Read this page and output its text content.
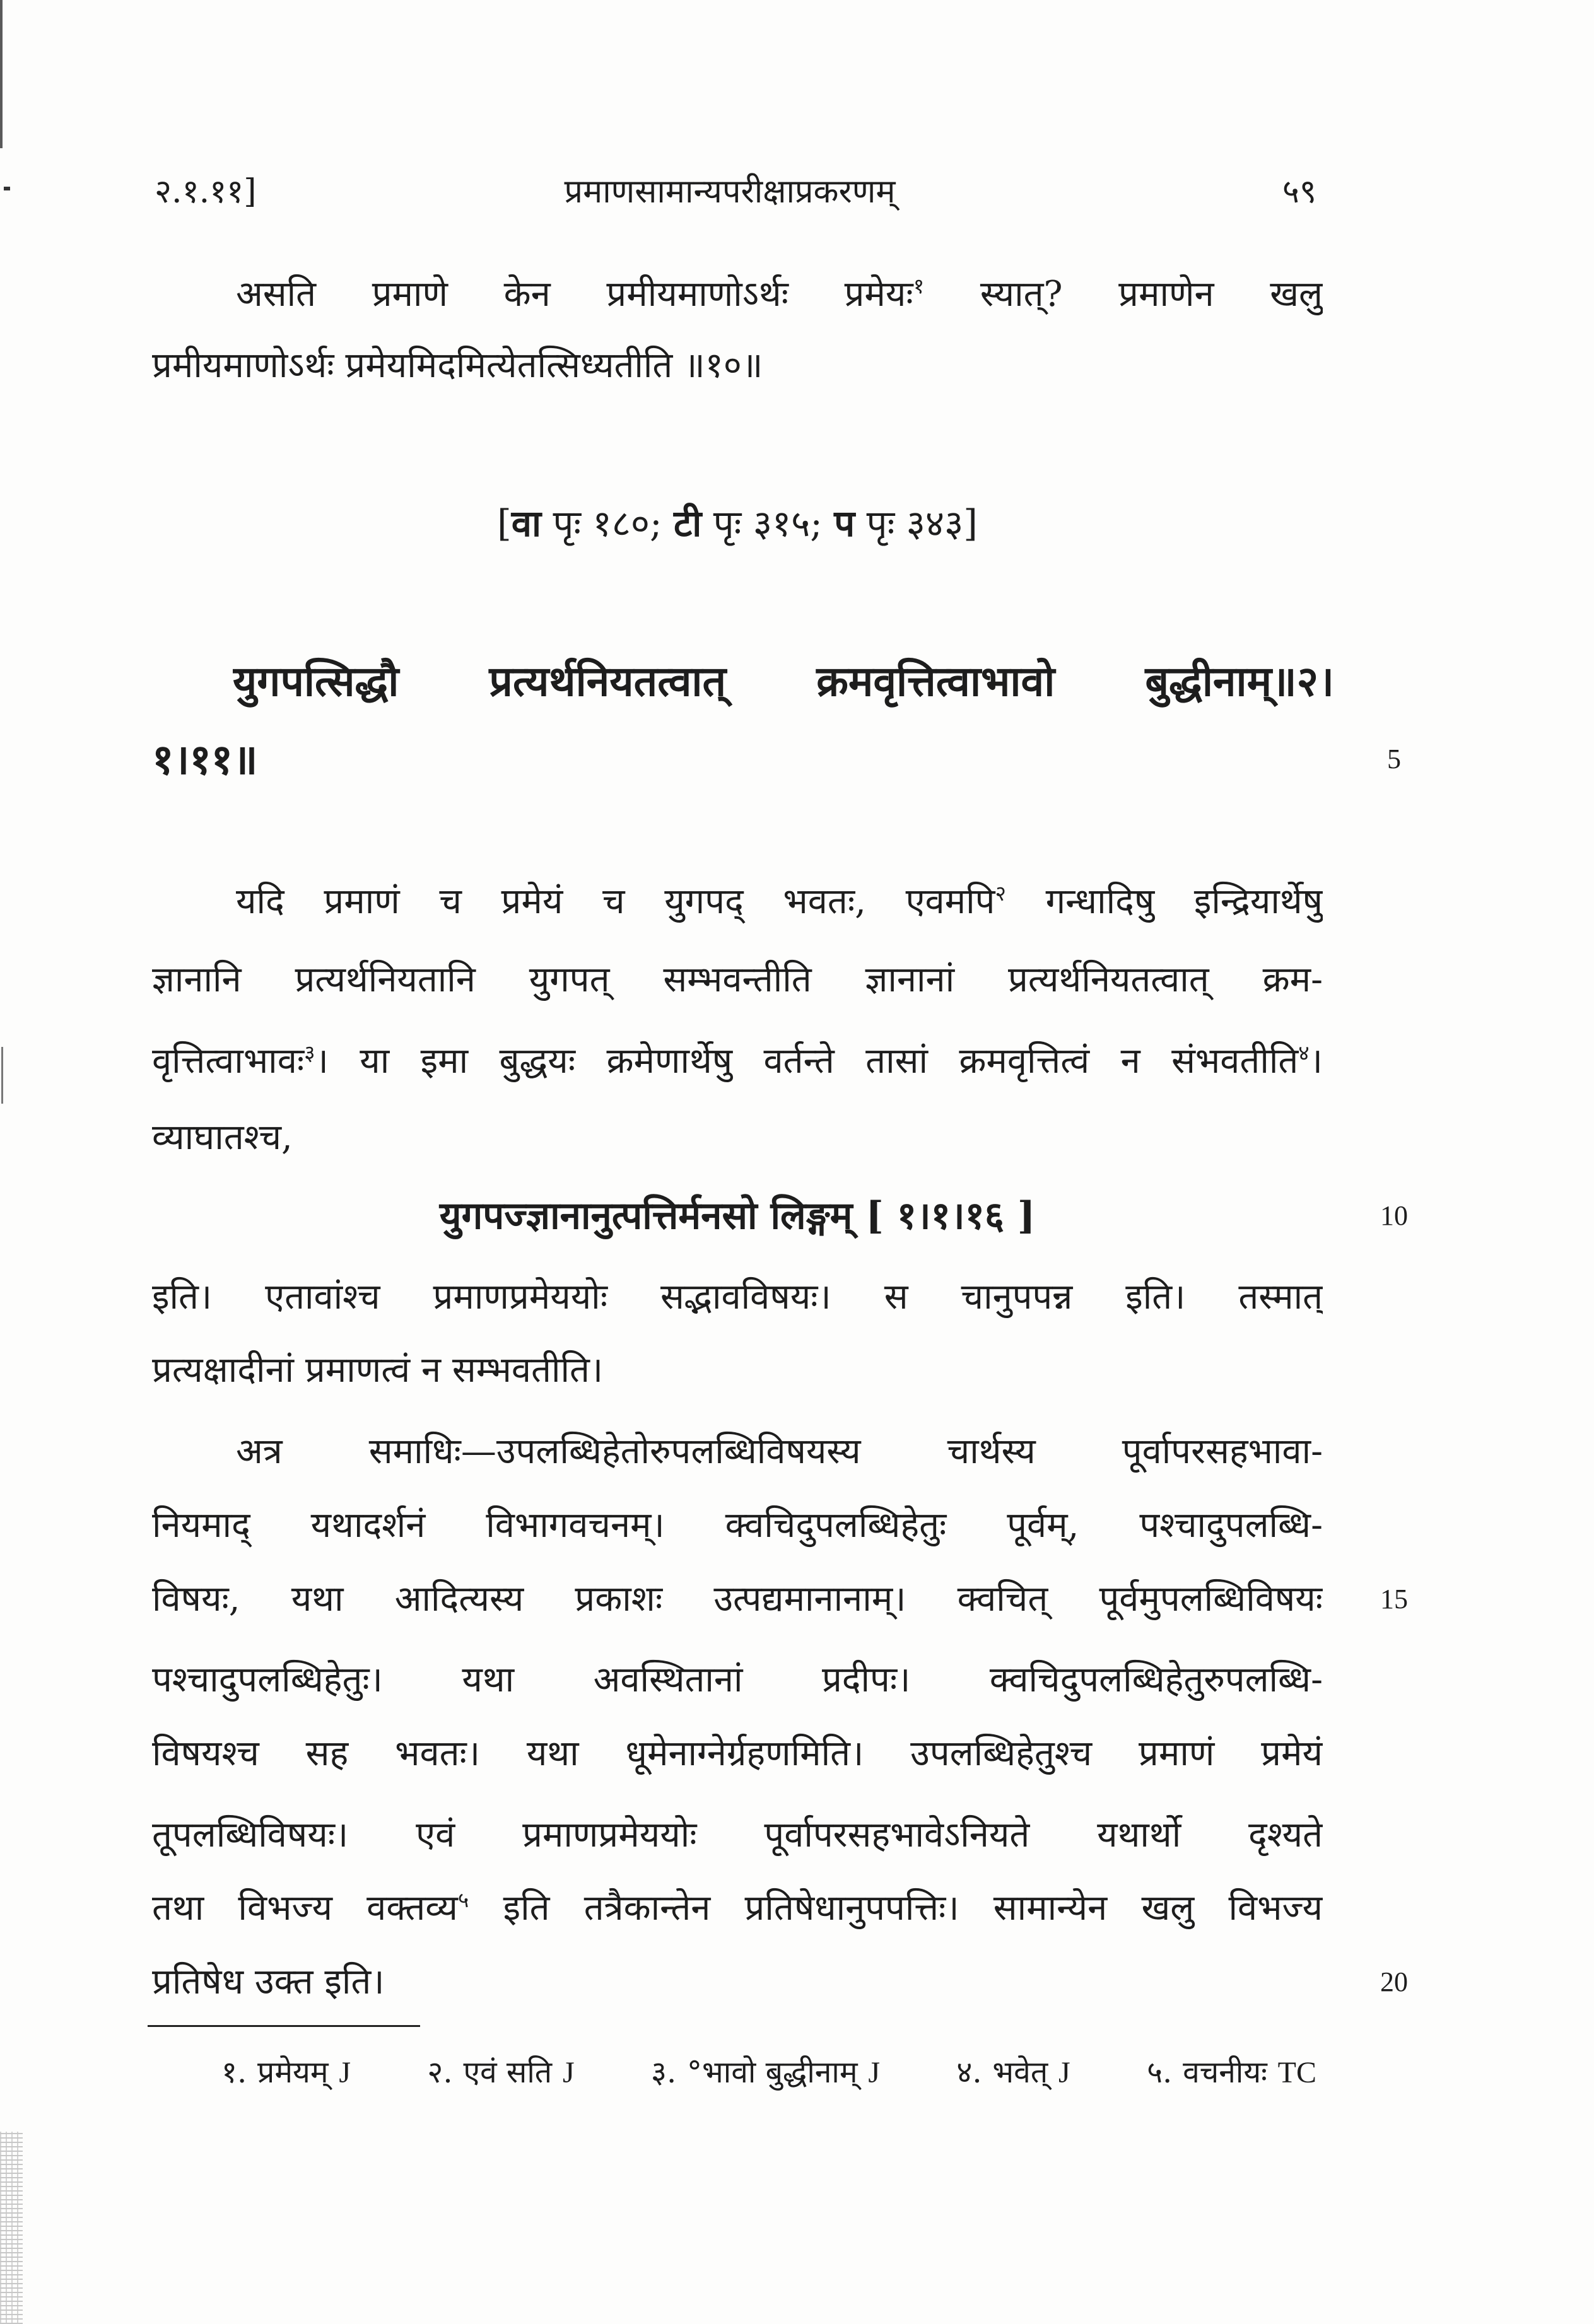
२.१.११]	प्रमाणसामान्यपरीक्षाप्रकरणम्	५९
असति प्रमाणे केन प्रमीयमाणोऽर्थः प्रमेयः$^१$ स्यात्? प्रमाणेन खलु
प्रमीयमाणोऽर्थः प्रमेयमिदमित्येतत्सिध्यतीति ॥१०॥
[वा पृः १८०; टी पृः ३१५; प पृः ३४३]
युगपत्सिद्धौ प्रत्यर्थनियतत्वात् क्रमवृत्तित्वाभावो बुद्धीनाम्॥२।
१।११॥	5
यदि प्रमाणं च प्रमेयं च युगपद् भवतः, एवमपि$^२$ गन्धादिषु इन्द्रियार्थेषु
ज्ञानानि प्रत्यर्थनियतानि युगपत् सम्भवन्तीति ज्ञानानां प्रत्यर्थनियतत्वात् क्रम-
वृत्तित्वाभावः$^३$। या इमा बुद्धयः क्रमेणार्थेषु वर्तन्ते तासां क्रमवृत्तित्वं न संभवतीति$^४$।
व्याघातश्च,
युगपज्ज्ञानानुत्पत्तिर्मनसो लिङ्गम् [ १।१।१६ ]	10
इति। एतावांश्च प्रमाणप्रमेययोः सद्भावविषयः। स चानुपपन्न इति। तस्मात्
प्रत्यक्षादीनां प्रमाणत्वं न सम्भवतीति।
अत्र समाधिः—उपलब्धिहेतोरुपलब्धिविषयस्य चार्थस्य पूर्वापरसहभावा-
नियमाद् यथादर्शनं विभागवचनम्। क्वचिदुपलब्धिहेतुः पूर्वम्, पश्चादुपलब्धि-
विषयः, यथा आदित्यस्य प्रकाशः उत्पद्यमानानाम्। क्वचित् पूर्वमुपलब्धिविषयः	15
पश्चादुपलब्धिहेतुः। यथा अवस्थितानां प्रदीपः। क्वचिदुपलब्धिहेतुरुपलब्धि-
विषयश्च सह भवतः। यथा धूमेनाग्नेर्ग्रहणमिति। उपलब्धिहेतुश्च प्रमाणं प्रमेयं
तूपलब्धिविषयः। एवं प्रमाणप्रमेययोः पूर्वापरसहभावेऽनियते यथार्थो दृश्यते
तथा विभज्य वक्तव्य$^५$ इति तत्रैकान्तेन प्रतिषेधानुपपत्तिः। सामान्येन खलु विभज्य
प्रतिषेध उक्त इति।	20
१. प्रमेयम् J	२. एवं सति J	३. °भावो बुद्धीनाम् J	४. भवेत् J	५. वचनीयः TC
